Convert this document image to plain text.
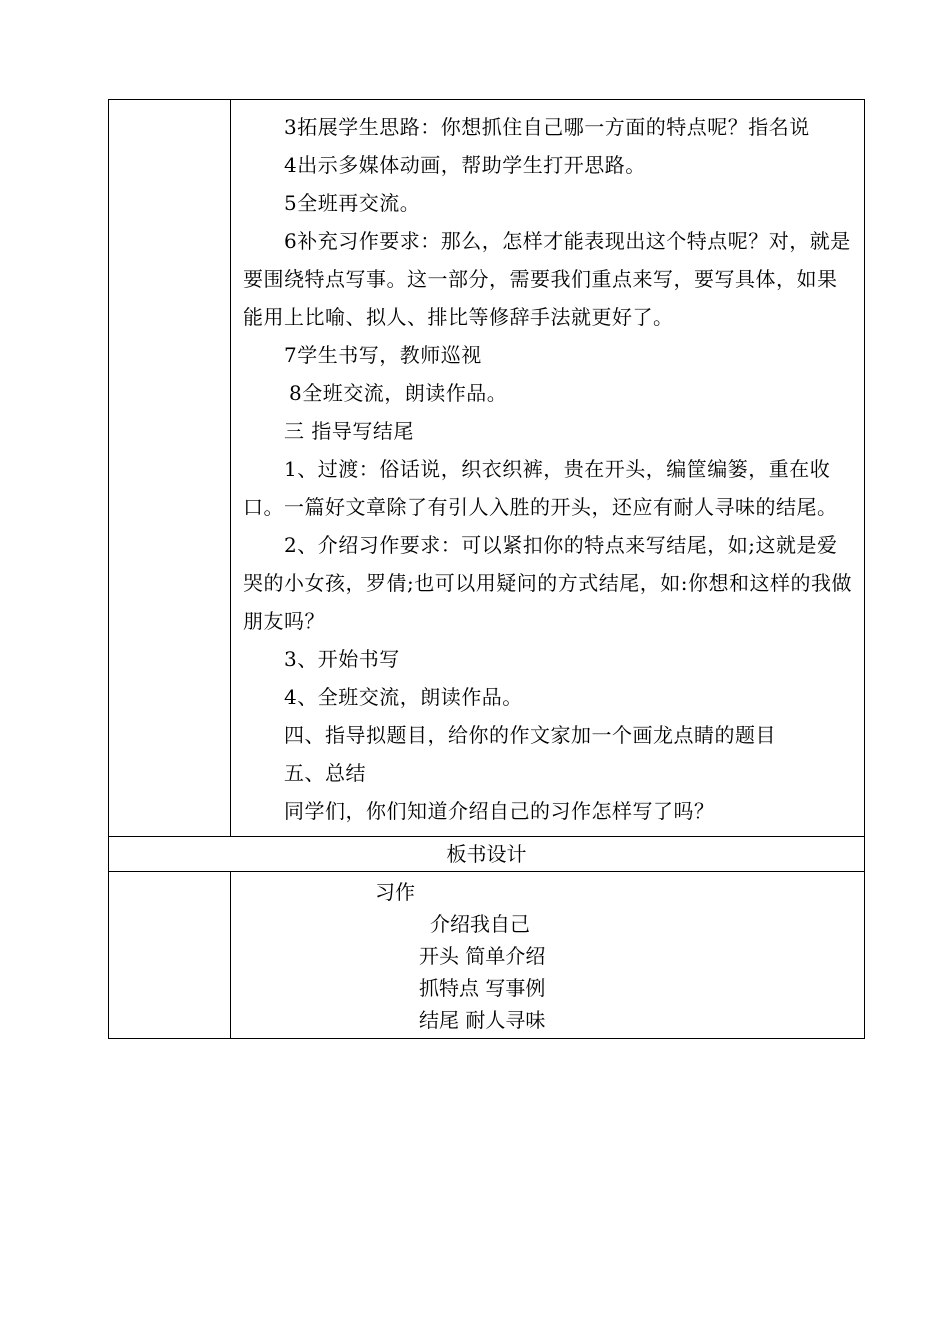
3拓展学生思路：你想抓住自己哪一方面的特点呢？指名说

4出示多媒体动画，帮助学生打开思路。

5全班再交流。

6补充习作要求：那么，怎样才能表现出这个特点呢？对，就是要围绕特点写事。这一部分，需要我们重点来写，要写具体，如果能用上比喻、拟人、排比等修辞手法就更好了。

7学生书写，教师巡视

8全班交流，朗读作品。

三 指导写结尾

1、过渡：俗话说，织衣织裤，贵在开头，编筐编篓，重在收口。一篇好文章除了有引人入胜的开头，还应有耐人寻味的结尾。

2、介绍习作要求：可以紧扣你的特点来写结尾，如;这就是爱哭的小女孩，罗倩;也可以用疑问的方式结尾，如:你想和这样的我做朋友吗？

3、开始书写

4、全班交流，朗读作品。

四、指导拟题目，给你的作文家加一个画龙点睛的题目

五、总结

同学们，你们知道介绍自己的习作怎样写了吗？

板书设计
习作
介绍我自己
开头 简单介绍
抓特点 写事例
结尾 耐人寻味
